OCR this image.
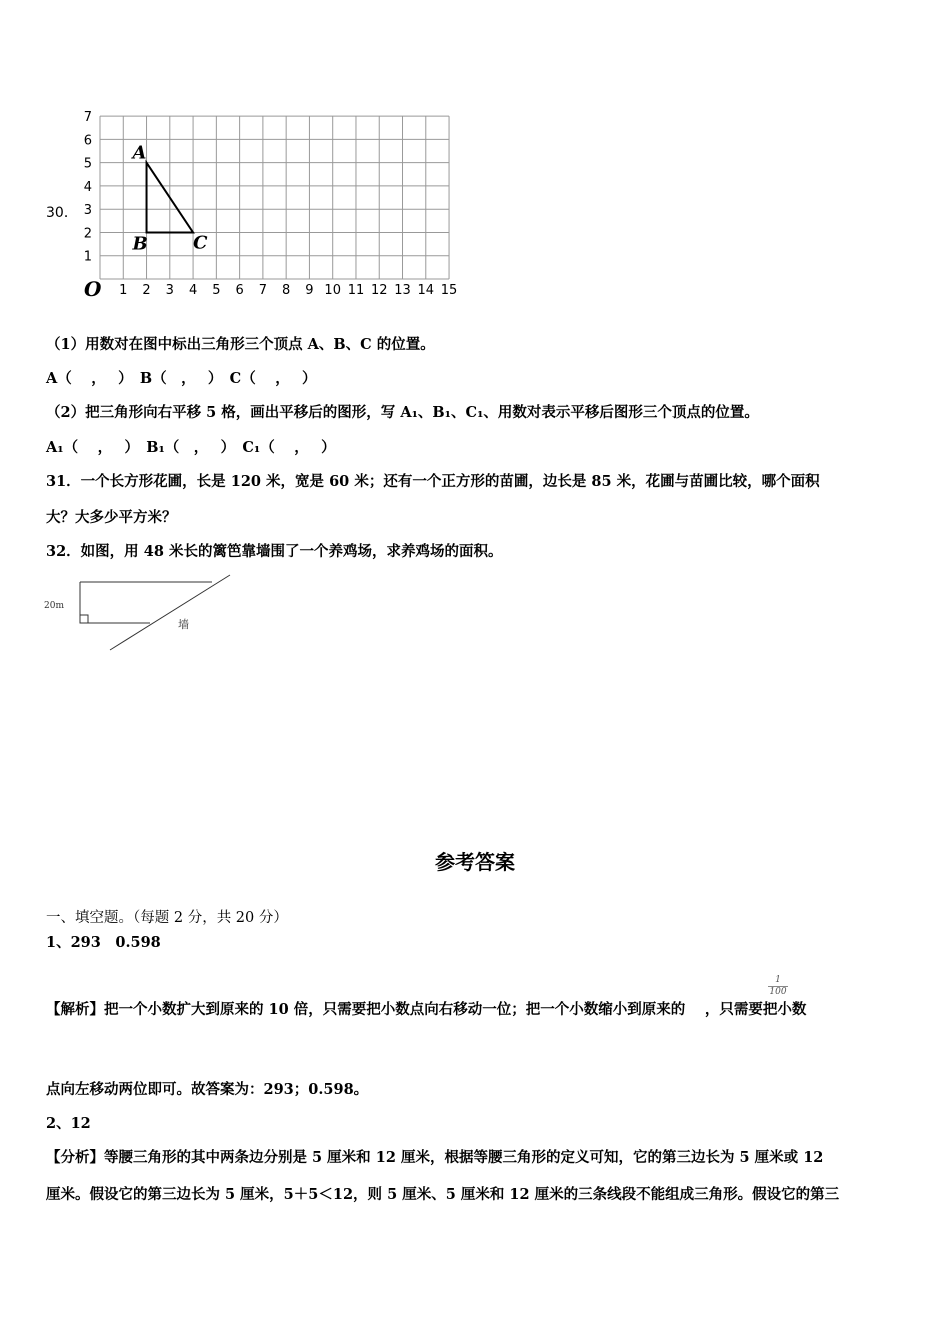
30．
1 2 3 4 5 6 7 8 9 10 11 12 13 14 15
1
2
3
4
5
6
7
O
A
B	C
（1）用数对在图中标出三角形三个顶点 A、B、C 的位置。
A（　 ，　 ）　B（　，　 ）　C（　 ，　 ）
（2）把三角形向右平移 5 格，画出平移后的图形，写 A₁、B₁、C₁、用数对表示平移后图形三个顶点的位置。
A₁（　 ，　 ）　B₁（　，　 ）　C₁（　 ，　 ）
31．一个长方形花圃，长是 120 米，宽是 60 米；还有一个正方形的苗圃，边长是 85 米，花圃与苗圃比较，哪个面积
大？大多少平方米？
32．如图，用 48 米长的篱笆靠墙围了一个养鸡场，求养鸡场的面积。
20m
墙
参考答案
一、填空题。（每题 2 分，共 20 分）
1、293　0.598
【解析】把一个小数扩大到原来的 10 倍，只需要把小数点向右移动一位；把一个小数缩小到原来的　 ，只需要把小数
$\frac{1}{100}$
点向左移动两位即可。故答案为：293；0.598。
2、12
【分析】等腰三角形的其中两条边分别是 5 厘米和 12 厘米，根据等腰三角形的定义可知，它的第三边长为 5 厘米或 12
厘米。假设它的第三边长为 5 厘米，5＋5＜12，则 5 厘米、5 厘米和 12 厘米的三条线段不能组成三角形。假设它的第三
